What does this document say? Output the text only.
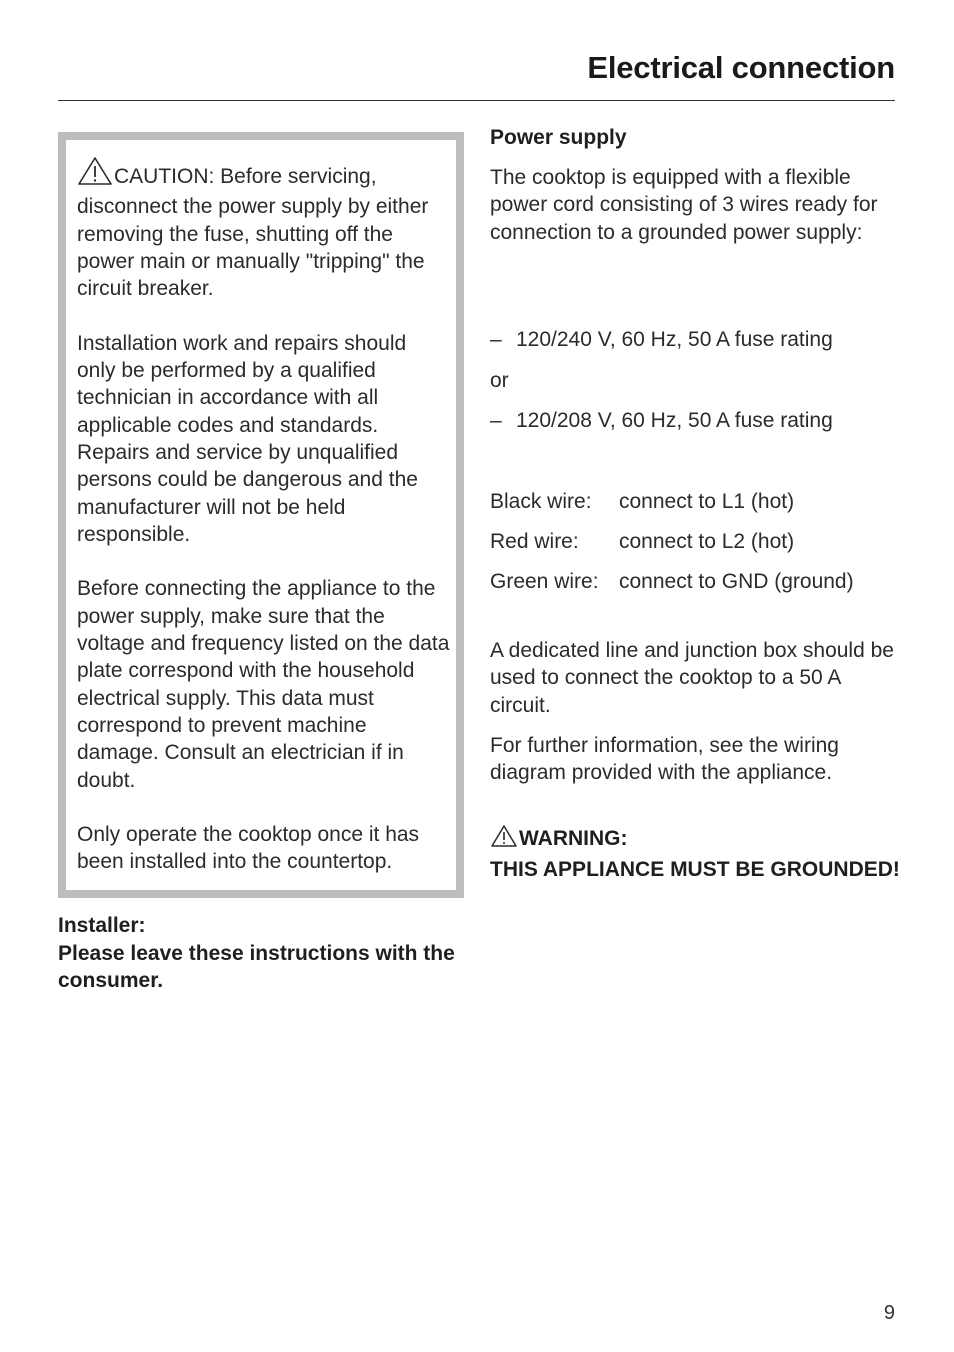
Electrical connection

CAUTION: Before servicing, disconnect the power supply by either removing the fuse, shutting off the power main or manually "tripping" the circuit breaker.

Installation work and repairs should only be performed by a qualified technician in accordance with all applicable codes and standards. Repairs and service by unqualified persons could be dangerous and the manufacturer will not be held responsible.

Before connecting the appliance to the power supply, make sure that the voltage and frequency listed on the data plate correspond with the household electrical supply. This data must correspond to prevent machine damage. Consult an electrician if in doubt.

Only operate the cooktop once it has been installed into the countertop.

Installer:

Please leave these instructions with the consumer.

Power supply

The cooktop is equipped with a flexible power cord consisting of 3 wires ready for connection to a grounded power supply:

– 120/240 V, 60 Hz, 50 A fuse rating
or
– 120/208 V, 60 Hz, 50 A fuse rating
Black wire: connect to L1 (hot)
Red wire: connect to L2 (hot)
Green wire: connect to GND (ground)

A dedicated line and junction box should be used to connect the cooktop to a 50 A circuit.

For further information, see the wiring diagram provided with the appliance.

WARNING:

THIS APPLIANCE MUST BE GROUNDED!

9
